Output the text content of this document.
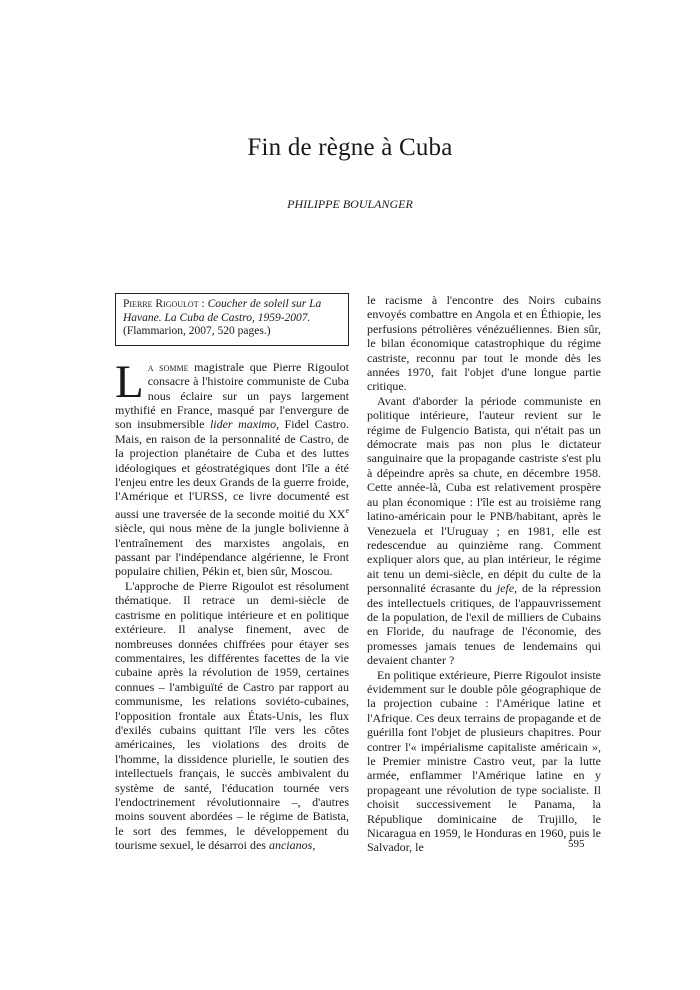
Fin de règne à Cuba
PHILIPPE BOULANGER
Pierre Rigoulot : Coucher de soleil sur La Havane. La Cuba de Castro, 1959-2007. (Flammarion, 2007, 520 pages.)

La somme magistrale que Pierre Rigoulot consacre à l'histoire communiste de Cuba nous éclaire sur un pays largement mythifié en France, masqué par l'envergure de son insubmersible lider maximo, Fidel Castro. Mais, en raison de la personnalité de Castro, de la projection planétaire de Cuba et des luttes idéologiques et géostratégiques dont l'île a été l'enjeu entre les deux Grands de la guerre froide, l'Amérique et l'URSS, ce livre documenté est aussi une traversée de la seconde moitié du XXe siècle, qui nous mène de la jungle bolivienne à l'entraînement des marxistes angolais, en passant par l'indépendance algérienne, le Front populaire chilien, Pékin et, bien sûr, Moscou.

L'approche de Pierre Rigoulot est résolument thématique. Il retrace un demi-siècle de castrisme en politique intérieure et en politique extérieure. Il analyse finement, avec de nombreuses données chiffrées pour étayer ses commentaires, les différentes facettes de la vie cubaine après la révolution de 1959, certaines connues – l'ambiguïté de Castro par rapport au communisme, les relations soviéto-cubaines, l'opposition frontale aux États-Unis, les flux d'exilés cubains quittant l'île vers les côtes américaines, les violations des droits de l'homme, la dissidence plurielle, le soutien des intellectuels français, le succès ambivalent du système de santé, l'éducation tournée vers l'endoctrinement révolutionnaire –, d'autres moins souvent abordées – le régime de Batista, le sort des femmes, le développement du tourisme sexuel, le désarroi des ancianos,

le racisme à l'encontre des Noirs cubains envoyés combattre en Angola et en Éthiopie, les perfusions pétrolières vénézuéliennes. Bien sûr, le bilan économique catastrophique du régime castriste, reconnu par tout le monde dès les années 1970, fait l'objet d'une longue partie critique.

Avant d'aborder la période communiste en politique intérieure, l'auteur revient sur le régime de Fulgencio Batista, qui n'était pas un démocrate mais pas non plus le dictateur sanguinaire que la propagande castriste s'est plu à dépeindre après sa chute, en décembre 1958. Cette année-là, Cuba est relativement prospère au plan économique : l'île est au troisième rang latino-américain pour le PNB/habitant, après le Venezuela et l'Uruguay ; en 1981, elle est redescendue au quinzième rang. Comment expliquer alors que, au plan intérieur, le régime ait tenu un demi-siècle, en dépit du culte de la personnalité écrasante du jefe, de la répression des intellectuels critiques, de l'appauvrissement de la population, de l'exil de milliers de Cubains en Floride, du naufrage de l'économie, des promesses jamais tenues de lendemains qui devaient chanter ?

En politique extérieure, Pierre Rigoulot insiste évidemment sur le double pôle géographique de la projection cubaine : l'Amérique latine et l'Afrique. Ces deux terrains de propagande et de guérilla font l'objet de plusieurs chapitres. Pour contrer l'« impérialisme capitaliste américain », le Premier ministre Castro veut, par la lutte armée, enflammer l'Amérique latine en y propageant une révolution de type socialiste. Il choisit successivement le Panama, la République dominicaine de Trujillo, le Nicaragua en 1959, le Honduras en 1960, puis le Salvador, le	595
